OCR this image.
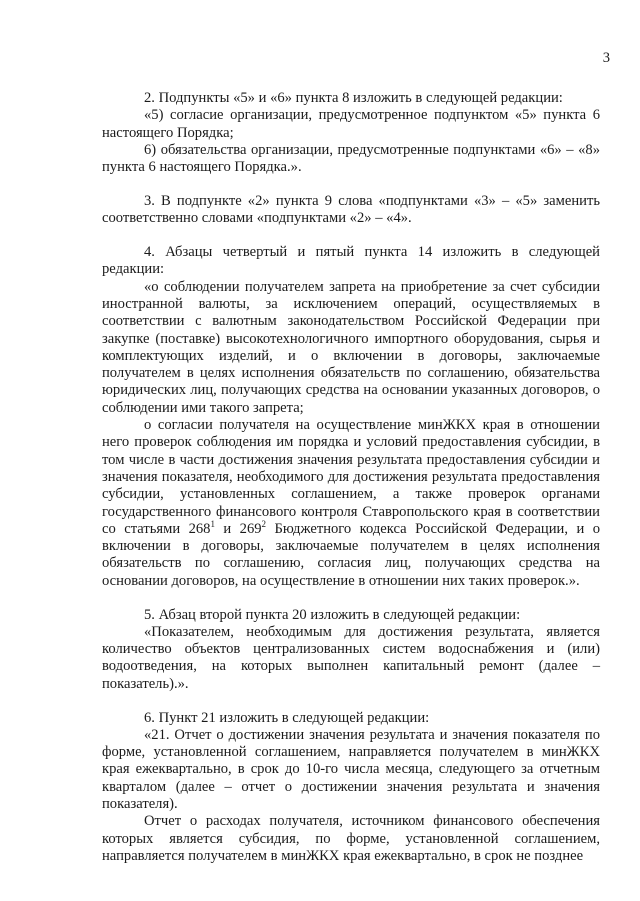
3

2. Подпункты «5» и «6» пункта 8 изложить в следующей редакции:

«5) согласие организации, предусмотренное подпунктом «5» пункта 6 настоящего Порядка;

6) обязательства организации, предусмотренные подпунктами «6» – «8» пункта 6 настоящего Порядка.».

3. В подпункте «2» пункта 9 слова «подпунктами «3» – «5» заменить соответственно словами «подпунктами «2» – «4».

4. Абзацы четвертый и пятый пункта 14 изложить в следующей редакции:

«о соблюдении получателем запрета на приобретение за счет субсидии иностранной валюты, за исключением операций, осуществляемых в соответствии с валютным законодательством Российской Федерации при закупке (поставке) высокотехнологичного импортного оборудования, сырья и комплектующих изделий, и о включении в договоры, заключаемые получателем в целях исполнения обязательств по соглашению, обязательства юридических лиц, получающих средства на основании указанных договоров, о соблюдении ими такого запрета;

о согласии получателя на осуществление минЖКХ края в отношении него проверок соблюдения им порядка и условий предоставления субсидии, в том числе в части достижения значения результата предоставления субсидии и значения показателя, необходимого для достижения результата предоставления субсидии, установленных соглашением, а также проверок органами государственного финансового контроля Ставропольского края в соответствии со статьями $268^1$ и $269^2$ Бюджетного кодекса Российской Федерации, и о включении в договоры, заключаемые получателем в целях исполнения обязательств по соглашению, согласия лиц, получающих средства на основании договоров, на осуществление в отношении них таких проверок.».

5. Абзац второй пункта 20 изложить в следующей редакции:

«Показателем, необходимым для достижения результата, является количество объектов централизованных систем водоснабжения и (или) водоотведения, на которых выполнен капитальный ремонт (далее – показатель).».

6. Пункт 21 изложить в следующей редакции:

«21. Отчет о достижении значения результата и значения показателя по форме, установленной соглашением, направляется получателем в минЖКХ края ежеквартально, в срок до 10-го числа месяца, следующего за отчетным кварталом (далее – отчет о достижении значения результата и значения показателя).

Отчет о расходах получателя, источником финансового обеспечения которых является субсидия, по форме, установленной соглашением, направляется получателем в минЖКХ края ежеквартально, в срок не позднее
